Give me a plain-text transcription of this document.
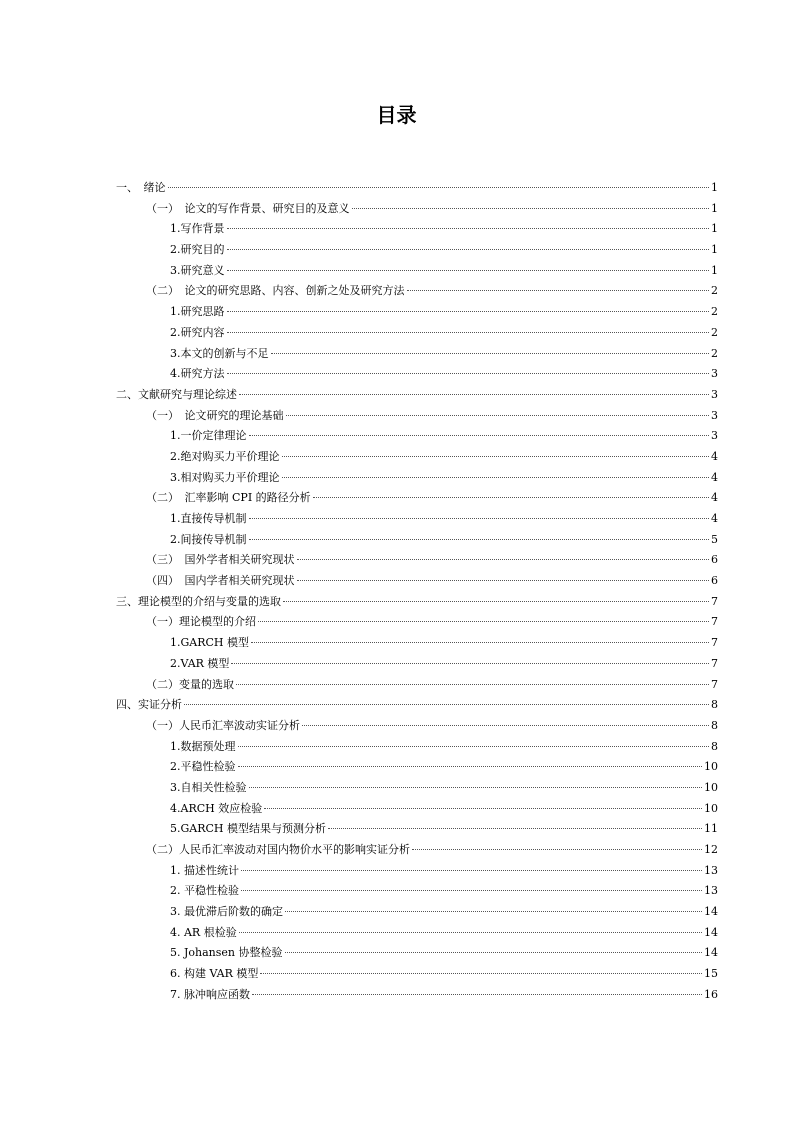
目录
一、　绪论	1
（一）　论文的写作背景、研究目的及意义	1
1.写作背景	1
2.研究目的	1
3.研究意义	1
（二）　论文的研究思路、内容、创新之处及研究方法	2
1.研究思路	2
2.研究内容	2
3.本文的创新与不足	2
4.研究方法	3
二、文献研究与理论综述	3
（一）　论文研究的理论基础	3
1.一价定律理论	3
2.绝对购买力平价理论	4
3.相对购买力平价理论	4
（二）　汇率影响 CPI 的路径分析	4
1.直接传导机制	4
2.间接传导机制	5
（三）　国外学者相关研究现状	6
（四）　国内学者相关研究现状	6
三、理论模型的介绍与变量的选取	7
（一）理论模型的介绍	7
1.GARCH 模型	7
2.VAR 模型	7
（二）变量的选取	7
四、实证分析	8
（一）人民币汇率波动实证分析	8
1.数据预处理	8
2.平稳性检验	10
3.自相关性检验	10
4.ARCH 效应检验	10
5.GARCH 模型结果与预测分析	11
（二）人民币汇率波动对国内物价水平的影响实证分析	12
1. 描述性统计	13
2. 平稳性检验	13
3. 最优滞后阶数的确定	14
4. AR 根检验	14
5. Johansen 协整检验	14
6. 构建 VAR 模型	15
7. 脉冲响应函数	16
